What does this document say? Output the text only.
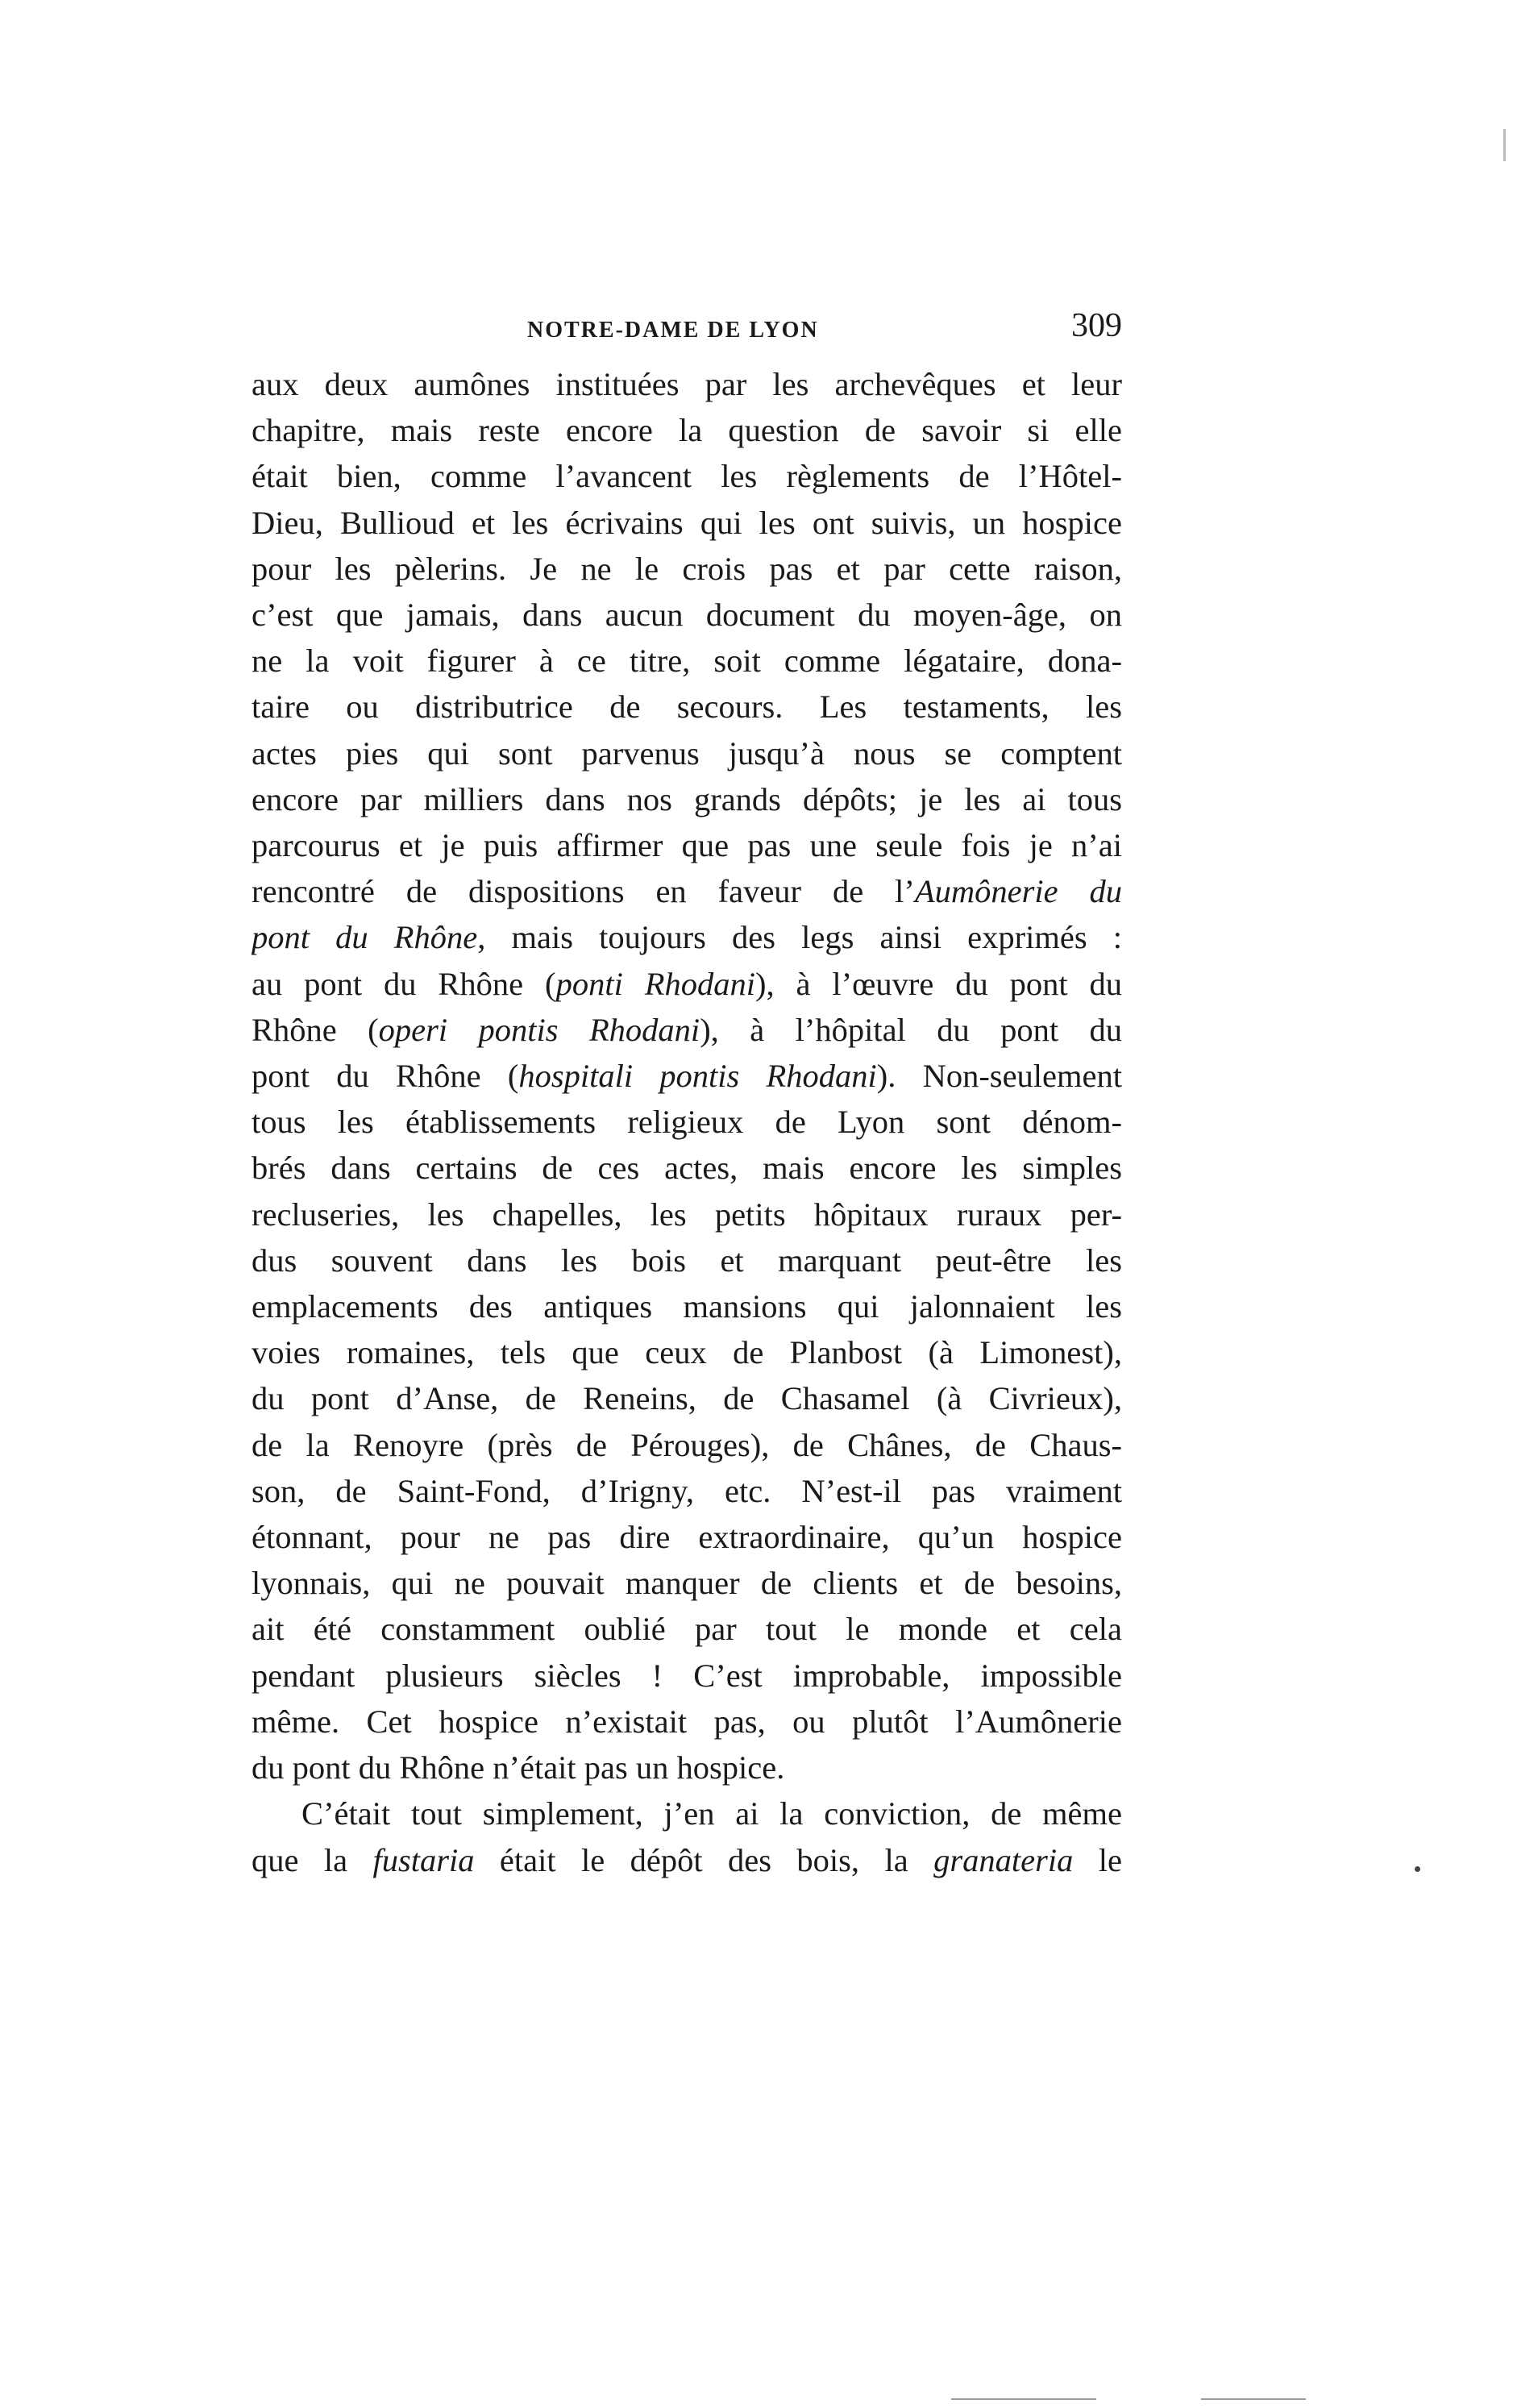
NOTRE-DAME DE LYON	309
aux deux aumônes instituées par les archevêques et leur
chapitre, mais reste encore la question de savoir si elle
était bien, comme l’avancent les règlements de l’Hôtel-
Dieu, Bullioud et les écrivains qui les ont suivis, un hospice
pour les pèlerins. Je ne le crois pas et par cette raison,
c’est que jamais, dans aucun document du moyen-âge, on
ne la voit figurer à ce titre, soit comme légataire, dona-
taire ou distributrice de secours. Les testaments, les
actes pies qui sont parvenus jusqu’à nous se comptent
encore par milliers dans nos grands dépôts; je les ai tous
parcourus et je puis affirmer que pas une seule fois je n’ai
rencontré de dispositions en faveur de l’Aumônerie du
pont du Rhône, mais toujours des legs ainsi exprimés :
au pont du Rhône (ponti Rhodani), à l’œuvre du pont du
Rhône (operi pontis Rhodani), à l’hôpital du pont du
pont du Rhône (hospitali pontis Rhodani). Non-seulement
tous les établissements religieux de Lyon sont dénom-
brés dans certains de ces actes, mais encore les simples
recluseries, les chapelles, les petits hôpitaux ruraux per-
dus souvent dans les bois et marquant peut-être les
emplacements des antiques mansions qui jalonnaient les
voies romaines, tels que ceux de Planbost (à Limonest),
du pont d’Anse, de Reneins, de Chasamel (à Civrieux),
de la Renoyre (près de Pérouges), de Chânes, de Chaus-
son, de Saint-Fond, d’Irigny, etc. N’est-il pas vraiment
étonnant, pour ne pas dire extraordinaire, qu’un hospice
lyonnais, qui ne pouvait manquer de clients et de besoins,
ait été constamment oublié par tout le monde et cela
pendant plusieurs siècles ! C’est improbable, impossible
même. Cet hospice n’existait pas, ou plutôt l’Aumônerie
du pont du Rhône n’était pas un hospice.
C’était tout simplement, j’en ai la conviction, de même
que la fustaria était le dépôt des bois, la granateria le
